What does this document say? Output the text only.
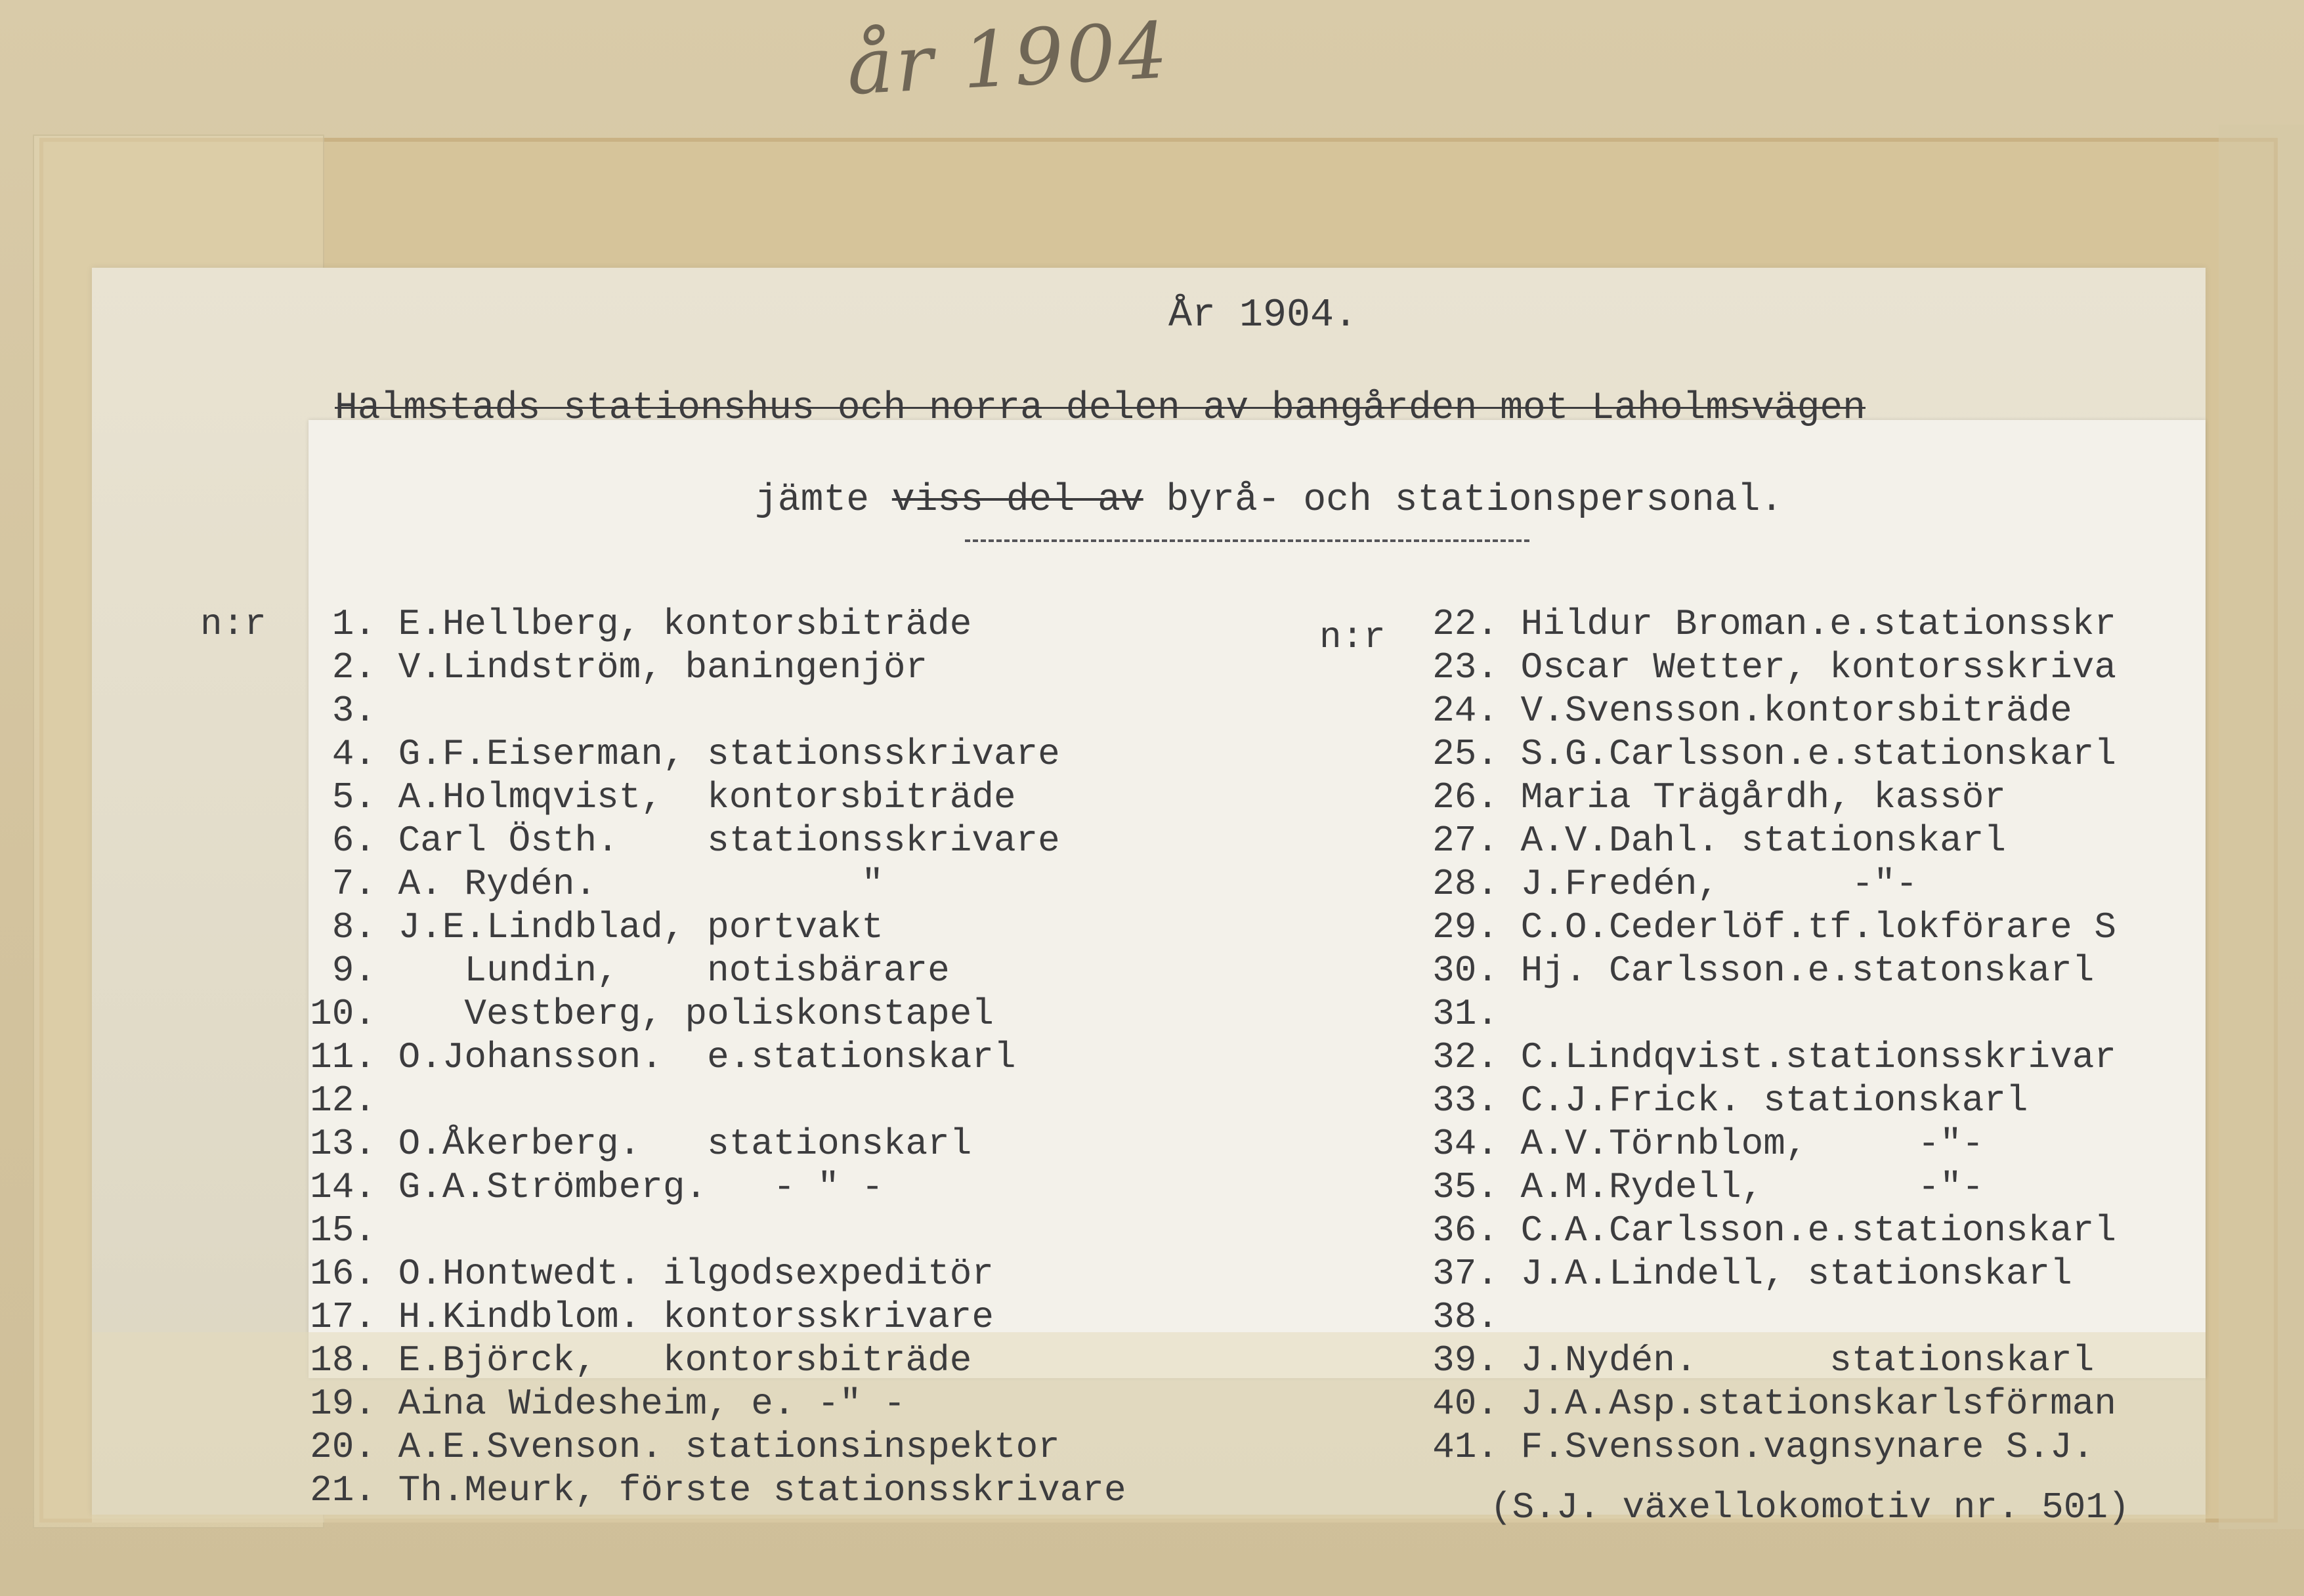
år 1904
År 1904.
Halmstads stationshus och norra delen av bangården mot Laholmsvägen
jämte viss del av byrå- och stationspersonal.
n:r	n:r
1. E.Hellberg, kontorsbiträde
2. V.Lindström, baningenjör
3.
4. G.F.Eiserman, stationsskrivare
5. A.Holmqvist,  kontorsbiträde
6. Carl Östh.    stationsskrivare
7. A. Rydén.            "
8. J.E.Lindblad, portvakt
9.    Lundin,    notisbärare
10.    Vestberg, poliskonstapel
11. O.Johansson.  e.stationskarl
12.
13. O.Åkerberg.   stationskarl
14. G.A.Strömberg.   - " -
15.
16. O.Hontwedt. ilgodsexpeditör
17. H.Kindblom. kontorsskrivare
18. E.Björck,   kontorsbiträde
19. Aina Widesheim, e. -" -
20. A.E.Svenson. stationsinspektor
21. Th.Meurk, förste stationsskrivare
22. Hildur Broman.e.stationsskr
23. Oscar Wetter, kontorsskriva
24. V.Svensson.kontorsbiträde
25. S.G.Carlsson.e.stationskarl
26. Maria Trägårdh, kassör
27. A.V.Dahl. stationskarl
28. J.Fredén,      -"-
29. C.O.Cederlöf.tf.lokförare S
30. Hj. Carlsson.e.statonskarl
31.
32. C.Lindqvist.stationsskrivar
33. C.J.Frick. stationskarl
34. A.V.Törnblom,     -"-
35. A.M.Rydell,       -"-
36. C.A.Carlsson.e.stationskarl
37. J.A.Lindell, stationskarl
38.
39. J.Nydén.      stationskarl
40. J.A.Asp.stationskarlsförman
41. F.Svensson.vagnsynare S.J.
(S.J. växellokomotiv nr. 501)
